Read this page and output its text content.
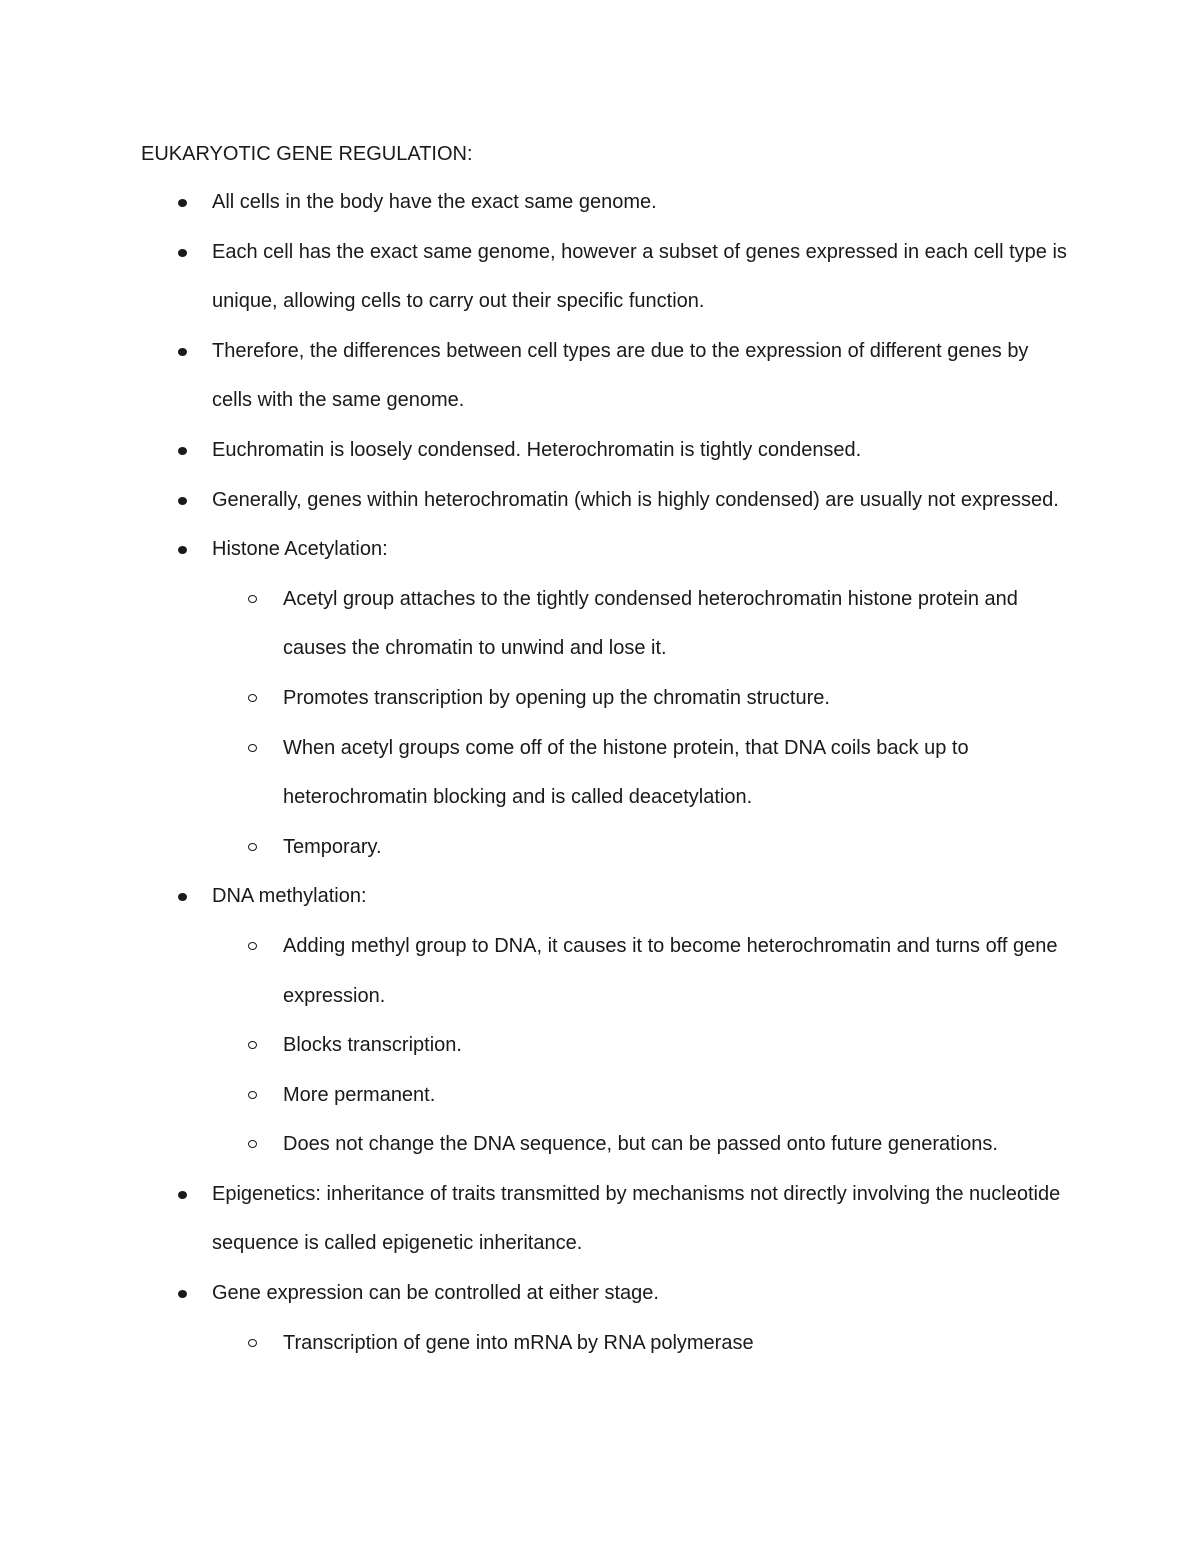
EUKARYOTIC GENE REGULATION:
All cells in the body have the exact same genome.
Each cell has the exact same genome, however a subset of genes expressed in each cell type is unique, allowing cells to carry out their specific function.
Therefore, the differences between cell types are due to the expression of different genes by cells with the same genome.
Euchromatin is loosely condensed. Heterochromatin is tightly condensed.
Generally, genes within heterochromatin (which is highly condensed) are usually not expressed.
Histone Acetylation:
Acetyl group attaches to the tightly condensed heterochromatin histone protein and causes the chromatin to unwind and lose it.
Promotes transcription by opening up the chromatin structure.
When acetyl groups come off of the histone protein, that DNA coils back up to heterochromatin blocking and is called deacetylation.
Temporary.
DNA methylation:
Adding methyl group to DNA, it causes it to become heterochromatin and turns off gene expression.
Blocks transcription.
More permanent.
Does not change the DNA sequence, but can be passed onto future generations.
Epigenetics: inheritance of traits transmitted by mechanisms not directly involving the nucleotide sequence is called epigenetic inheritance.
Gene expression can be controlled at either stage.
Transcription of gene into mRNA by RNA polymerase
